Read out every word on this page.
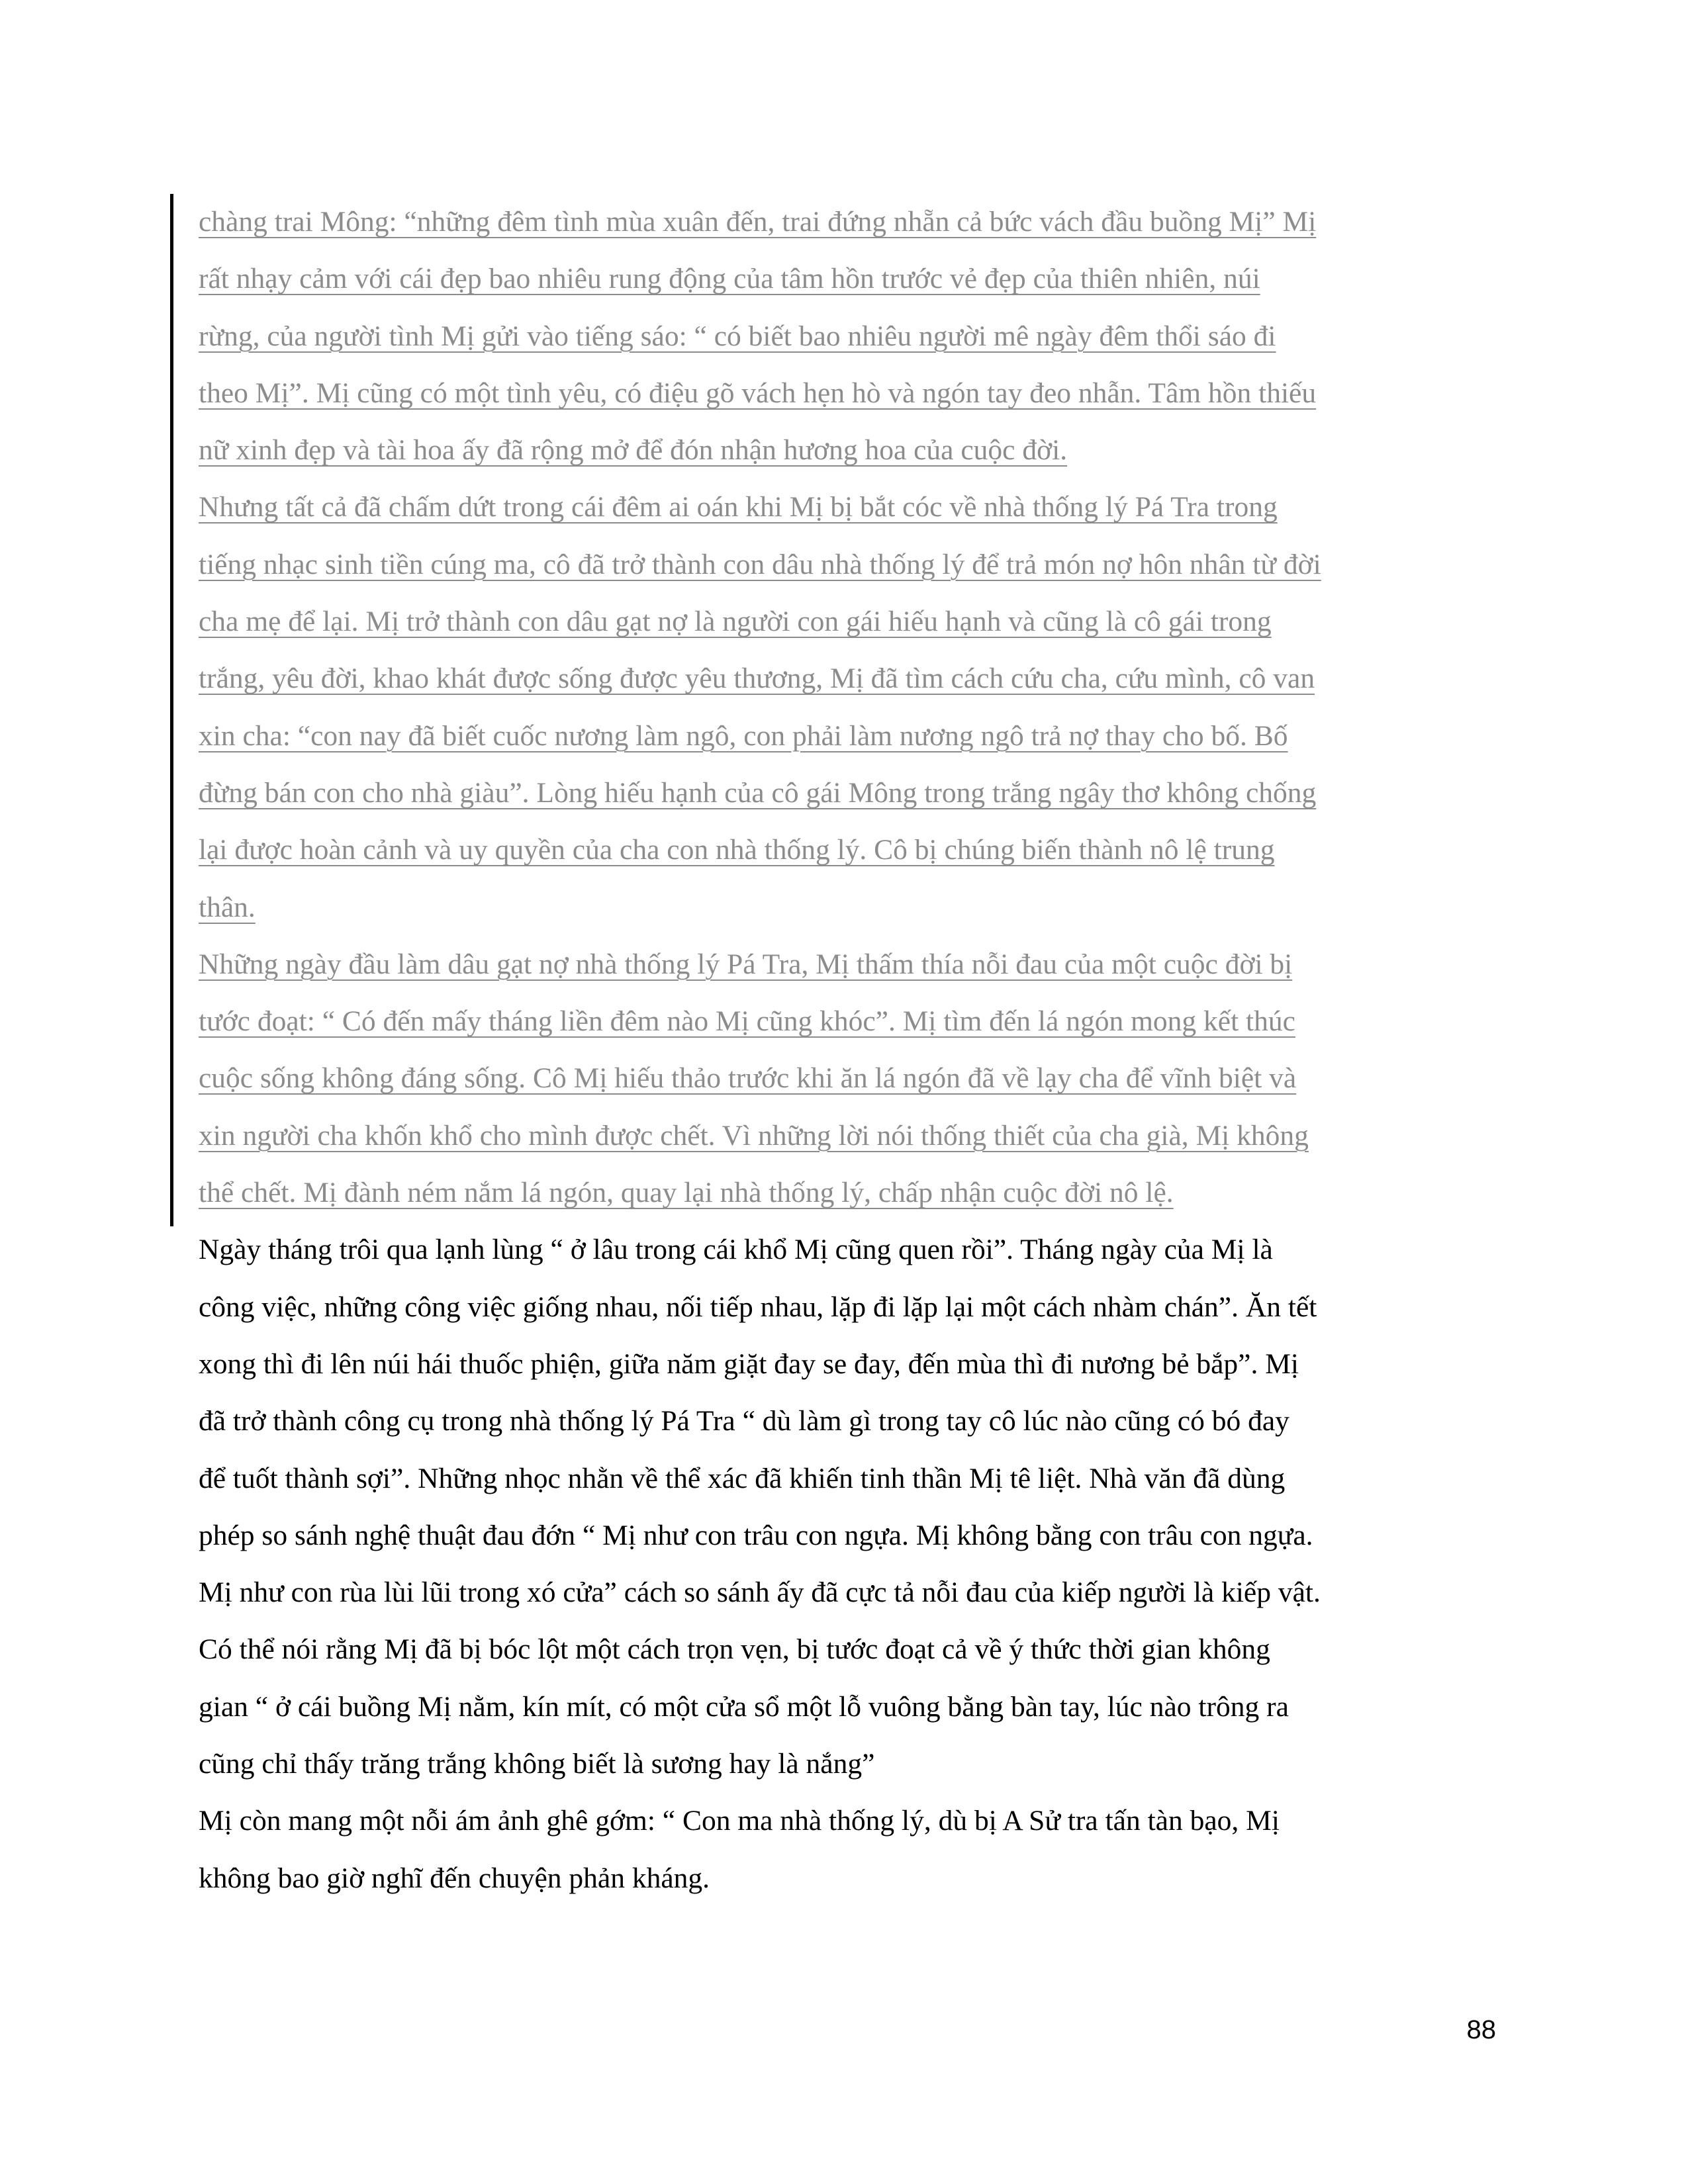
chàng trai Mông: “những đêm tình mùa xuân đến, trai đứng nhẵn cả bức vách đầu buồng Mị” Mị
rất nhạy cảm với cái đẹp bao nhiêu rung động của tâm hồn trước vẻ đẹp của thiên nhiên, núi
rừng, của người tình Mị gửi vào tiếng sáo: “ có biết bao nhiêu người mê ngày đêm thổi sáo đi
theo Mị”. Mị cũng có một tình yêu, có điệu gõ vách hẹn hò và ngón tay đeo nhẫn. Tâm hồn thiếu
nữ xinh đẹp và tài hoa ấy đã rộng mở để đón nhận hương hoa của cuộc đời.

Nhưng tất cả đã chấm dứt trong cái đêm ai oán khi Mị bị bắt cóc về nhà thống lý Pá Tra trong
tiếng nhạc sinh tiền cúng ma, cô đã trở thành con dâu nhà thống lý để trả món nợ hôn nhân từ đời
cha mẹ để lại. Mị trở thành con dâu gạt nợ là người con gái hiếu hạnh và cũng là cô gái trong
trắng, yêu đời, khao khát được sống được yêu thương, Mị đã tìm cách cứu cha, cứu mình, cô van
xin cha: “con nay đã biết cuốc nương làm ngô, con phải làm nương ngô trả nợ thay cho bố. Bố
đừng bán con cho nhà giàu”. Lòng hiếu hạnh của cô gái Mông trong trắng ngây thơ không chống
lại được hoàn cảnh và uy quyền của cha con nhà thống lý. Cô bị chúng biến thành nô lệ trung
thân.

Những ngày đầu làm dâu gạt nợ nhà thống lý Pá Tra, Mị thấm thía nỗi đau của một cuộc đời bị
tước đoạt: “ Có đến mấy tháng liền đêm nào Mị cũng khóc”. Mị tìm đến lá ngón mong kết thúc
cuộc sống không đáng sống. Cô Mị hiếu thảo trước khi ăn lá ngón đã về lạy cha để vĩnh biệt và
xin người cha khốn khổ cho mình được chết. Vì những lời nói thống thiết của cha già, Mị không
thể chết. Mị đành ném nắm lá ngón, quay lại nhà thống lý, chấp nhận cuộc đời nô lệ.

Ngày tháng trôi qua lạnh lùng “ ở lâu trong cái khổ Mị cũng quen rồi”. Tháng ngày của Mị là
công việc, những công việc giống nhau, nối tiếp nhau, lặp đi lặp lại một cách nhàm chán”. Ăn tết
xong thì đi lên núi hái thuốc phiện, giữa năm giặt đay se đay, đến mùa thì đi nương bẻ bắp”. Mị
đã trở thành công cụ trong nhà thống lý Pá Tra “ dù làm gì trong tay cô lúc nào cũng có bó đay
để tuốt thành sợi”. Những nhọc nhằn về thể xác đã khiến tinh thần Mị tê liệt. Nhà văn đã dùng
phép so sánh nghệ thuật đau đớn “ Mị như con trâu con ngựa. Mị không bằng con trâu con ngựa.
Mị như con rùa lùi lũi trong xó cửa” cách so sánh ấy đã cực tả nỗi đau của kiếp người là kiếp vật.
Có thể nói rằng Mị đã bị bóc lột một cách trọn vẹn, bị tước đoạt cả về ý thức thời gian không
gian “ ở cái buồng Mị nằm, kín mít, có một cửa sổ một lỗ vuông bằng bàn tay, lúc nào trông ra
cũng chỉ thấy trăng trắng không biết là sương hay là nắng”

Mị còn mang một nỗi ám ảnh ghê gớm: “ Con ma nhà thống lý, dù bị A Sử tra tấn tàn bạo, Mị
không bao giờ nghĩ đến chuyện phản kháng.

88
